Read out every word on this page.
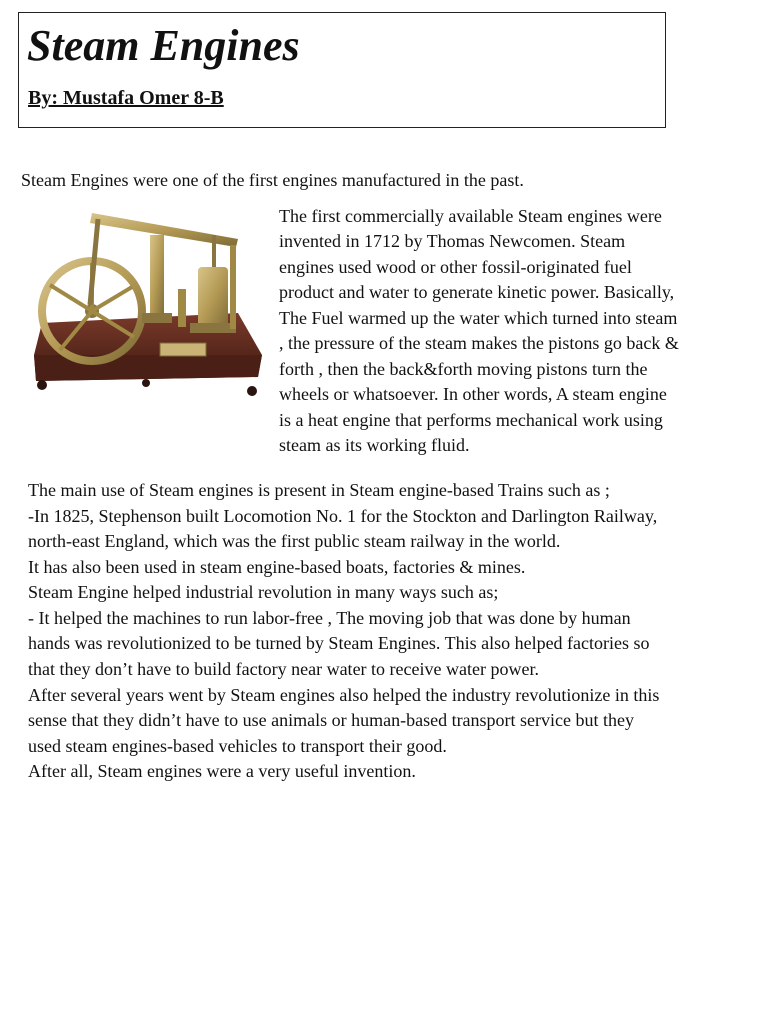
Steam Engines

By: Mustafa Omer 8-B

Steam Engines were one of the first engines manufactured in the past.

The first commercially available Steam engines were

invented in 1712 by Thomas Newcomen. Steam

engines used wood or other fossil-originated fuel

product and water to generate kinetic power. Basically,

The Fuel warmed up the water which turned into steam

, the pressure of the steam makes the pistons go back &

forth , then the back&forth moving pistons turn the

wheels or whatsoever. In other words, A steam engine

is a heat engine that performs mechanical work using

steam as its working fluid.

The main use of Steam engines is present in Steam engine-based Trains such as ;

-In 1825, Stephenson built Locomotion No. 1 for the Stockton and Darlington Railway,

north-east England, which was the first public steam railway in the world.

It has also been used in steam engine-based boats, factories & mines.

Steam Engine helped industrial revolution in many ways such as;

- It helped the machines to run labor-free , The moving job that was done by human

hands was revolutionized to be turned by Steam Engines. This also helped factories so

that they don’t have to build factory near water to receive water power.

After several years went by Steam engines also helped the industry revolutionize in this

sense that they didn’t have to use animals or human-based transport service but they

used steam engines-based vehicles to transport their good.

After all, Steam engines were a very useful invention.
